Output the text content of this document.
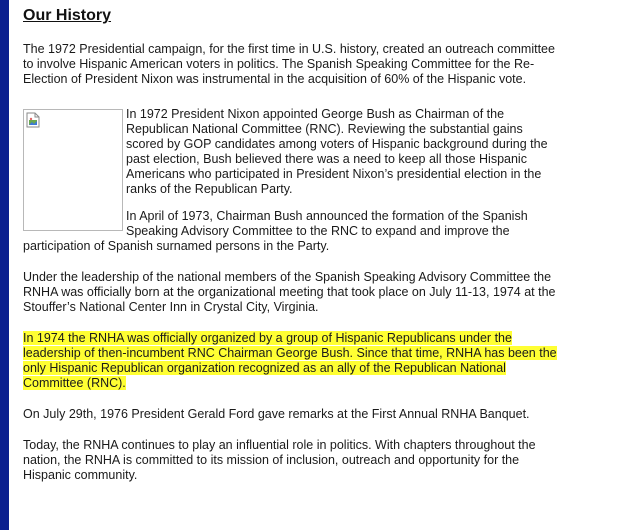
Our History

The 1972 Presidential campaign, for the first time in U.S. history, created an outreach committee to involve Hispanic American voters in politics. The Spanish Speaking Committee for the Re-Election of President Nixon was instrumental in the acquisition of 60% of the Hispanic vote.

In 1972 President Nixon appointed George Bush as Chairman of the Republican National Committee (RNC). Reviewing the substantial gains scored by GOP candidates among voters of Hispanic background during the past election, Bush believed there was a need to keep all those Hispanic Americans who participated in President Nixon’s presidential election in the ranks of the Republican Party.

In April of 1973, Chairman Bush announced the formation of the Spanish Speaking Advisory Committee to the RNC to expand and improve the participation of Spanish surnamed persons in the Party.

Under the leadership of the national members of the Spanish Speaking Advisory Committee the RNHA was officially born at the organizational meeting that took place on July 11-13, 1974 at the Stouffer’s National Center Inn in Crystal City, Virginia.

In 1974 the RNHA was officially organized by a group of Hispanic Republicans under the leadership of then-incumbent RNC Chairman George Bush. Since that time, RNHA has been the only Hispanic Republican organization recognized as an ally of the Republican National Committee (RNC).

On July 29th, 1976 President Gerald Ford gave remarks at the First Annual RNHA Banquet.

Today, the RNHA continues to play an influential role in politics. With chapters throughout the nation, the RNHA is committed to its mission of inclusion, outreach and opportunity for the Hispanic community.
